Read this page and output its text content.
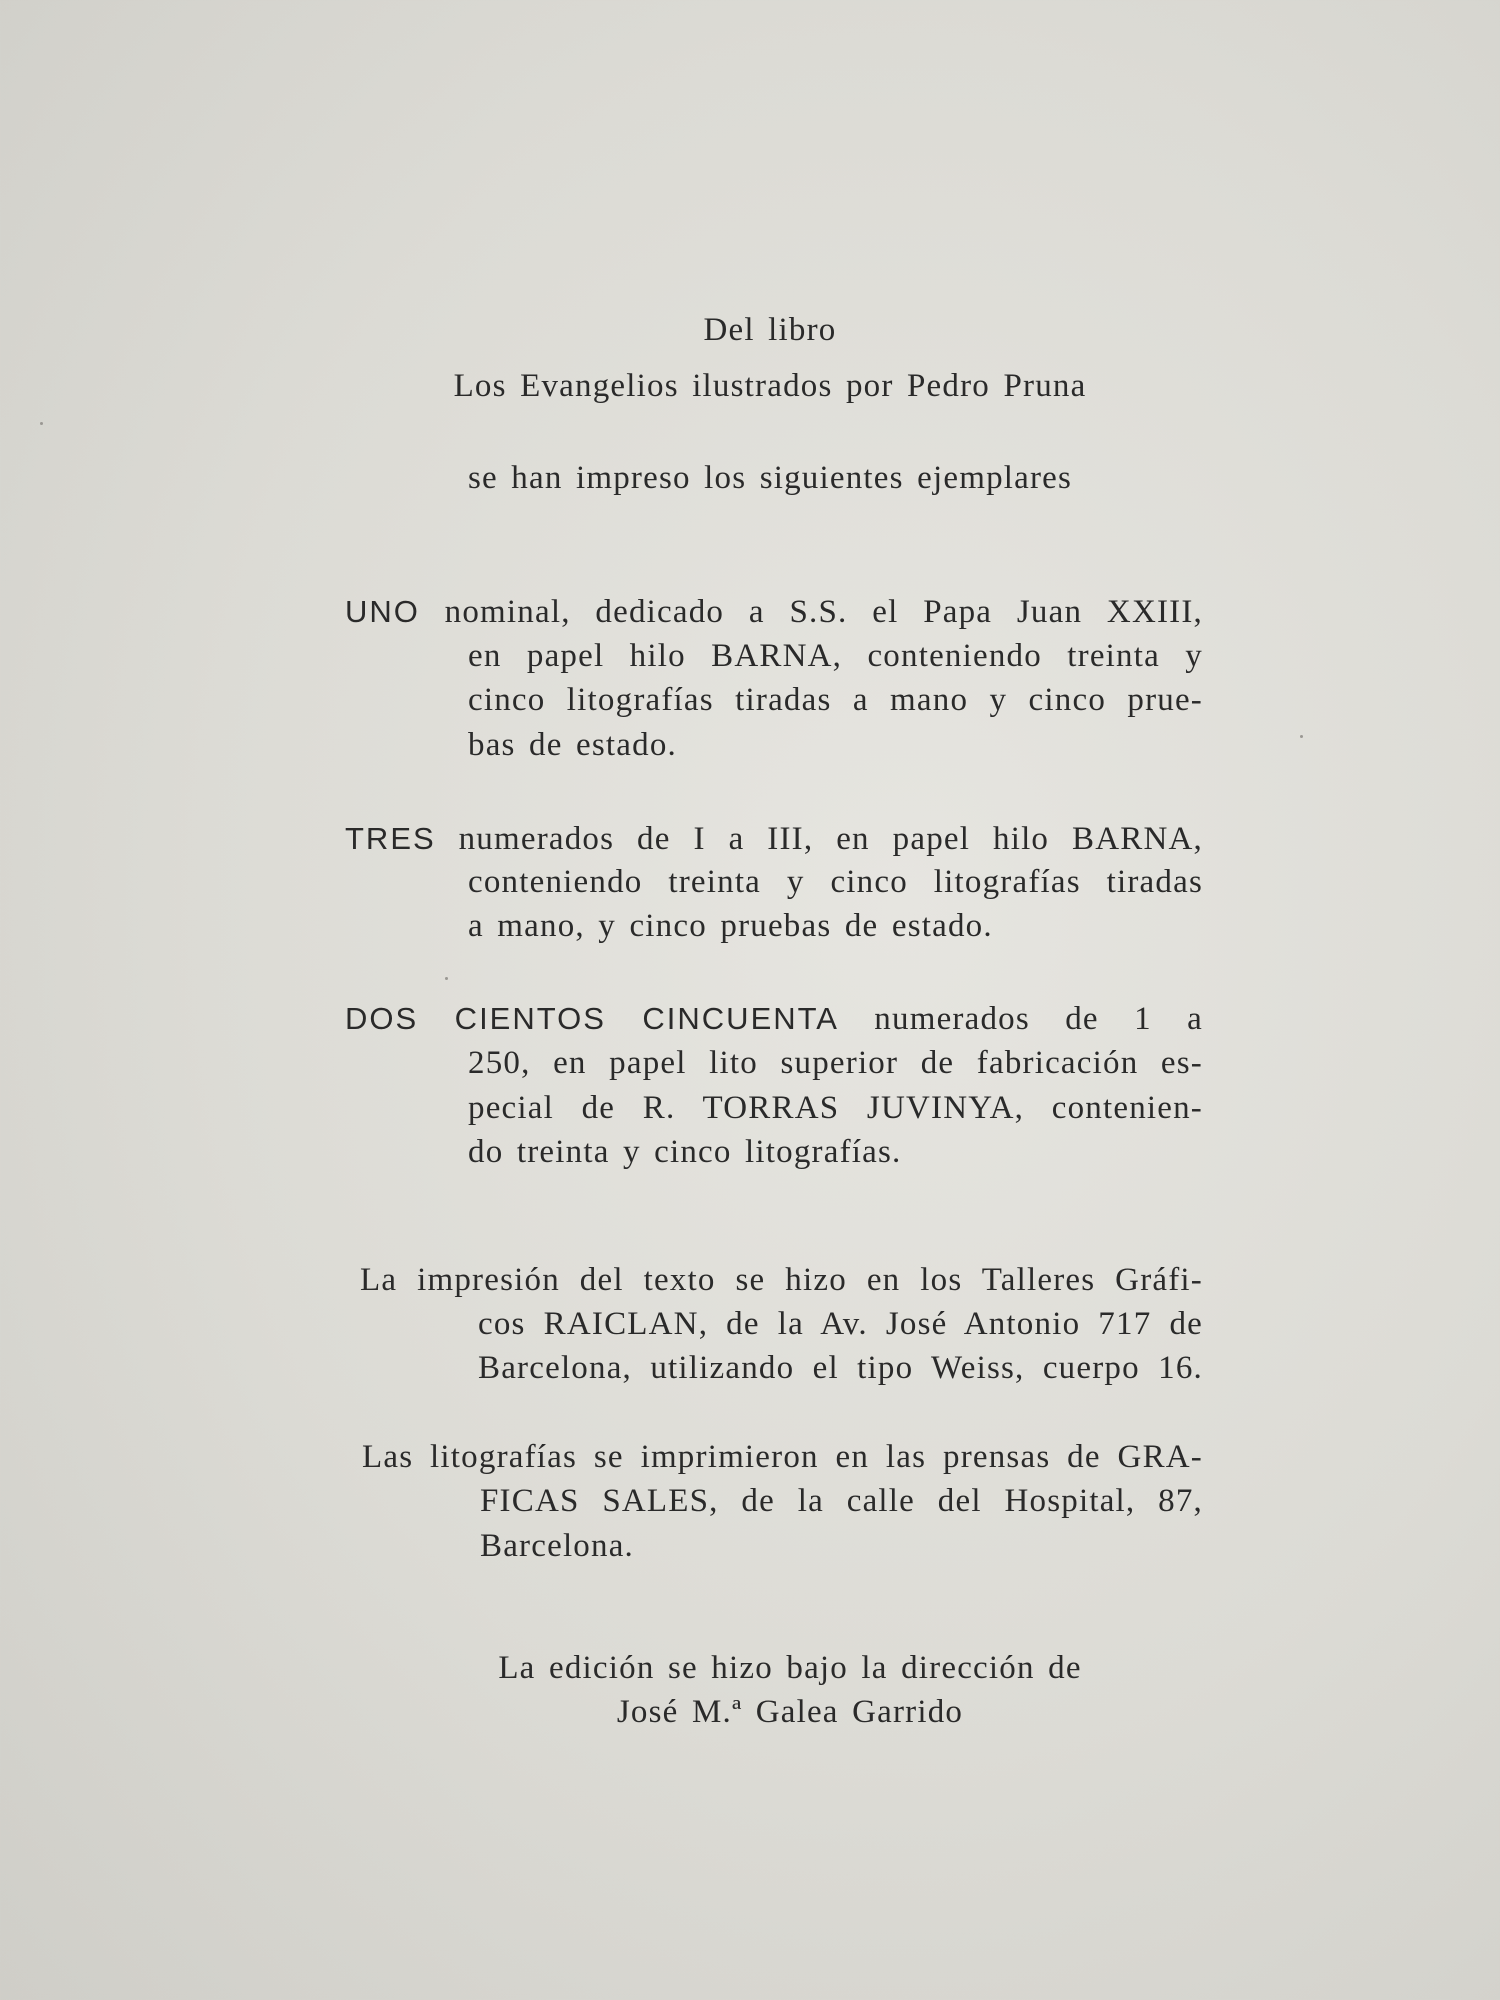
Del libro

Los Evangelios ilustrados por Pedro Pruna

se han impreso los siguientes ejemplares

UNO nominal, dedicado a S.S. el Papa Juan XXIII,

en papel hilo BARNA, conteniendo treinta y

cinco litografías tiradas a mano y cinco prue-

bas de estado.

TRES numerados de I a III, en papel hilo BARNA,

conteniendo treinta y cinco litografías tiradas

a mano, y cinco pruebas de estado.

DOS CIENTOS CINCUENTA numerados de 1 a

250, en papel lito superior de fabricación es-

pecial de R. TORRAS JUVINYA, contenien-

do treinta y cinco litografías.

La impresión del texto se hizo en los Talleres Gráfi-

cos RAICLAN, de la Av. José Antonio 717 de

Barcelona, utilizando el tipo Weiss, cuerpo 16.

Las litografías se imprimieron en las prensas de GRA-

FICAS SALES, de la calle del Hospital, 87,

Barcelona.

La edición se hizo bajo la dirección de

José M.ª Galea Garrido
